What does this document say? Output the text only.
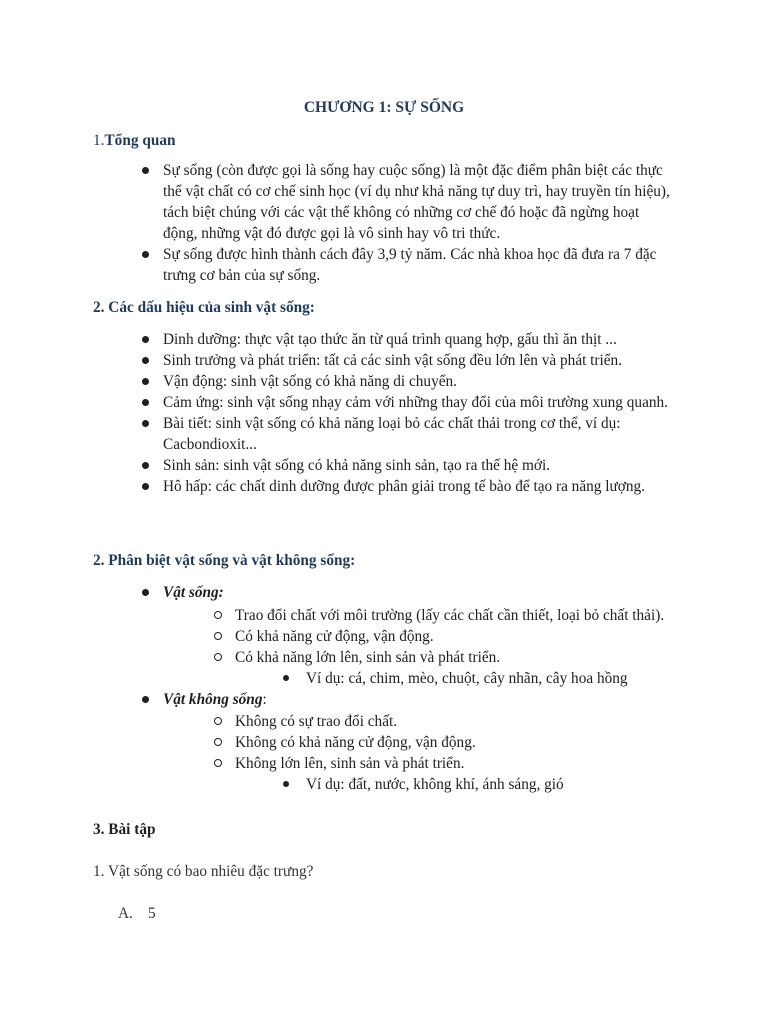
CHƯƠNG 1: SỰ SỐNG
1.Tổng quan
Sự sống (còn được gọi là sống hay cuộc sống) là một đặc điểm phân biệt các thực thể vật chất có cơ chế sinh học (ví dụ như khả năng tự duy trì, hay truyền tín hiệu), tách biệt chúng với các vật thể không có những cơ chế đó hoặc đã ngừng hoạt động, những vật đó được gọi là vô sinh hay vô tri thức.
Sự sống được hình thành cách đây 3,9 tỷ năm. Các nhà khoa học đã đưa ra 7 đặc trưng cơ bản của sự sống.
2. Các dấu hiệu của sinh vật sống:
Dinh dưỡng: thực vật tạo thức ăn từ quá trình quang hợp, gấu thì ăn thịt ...
Sinh trưởng và phát triển: tất cả các sinh vật sống đều lớn lên và phát triển.
Vận động: sinh vật sống có khả năng di chuyển.
Cảm ứng: sinh vật sống nhạy cảm với những thay đổi của môi trường xung quanh.
Bài tiết: sinh vật sống có khả năng loại bỏ các chất thải trong cơ thể, ví dụ: Cacbondioxit...
Sinh sản: sinh vật sống có khả năng sinh sản, tạo ra thế hệ mới.
Hô hấp: các chất dinh dưỡng được phân giải trong tế bào để tạo ra năng lượng.
2. Phân biệt vật sống và vật không sống:
Vật sống:
Trao đổi chất với môi trường (lấy các chất cần thiết, loại bỏ chất thải).
Có khả năng cử động, vận động.
Có khả năng lớn lên, sinh sản và phát triển.
Ví dụ: cá, chim, mèo, chuột, cây nhãn, cây hoa hồng
Vật không sống:
Không có sự trao đổi chất.
Không có khả năng cử động, vận động.
Không lớn lên, sinh sản và phát triển.
Ví dụ: đất, nước, không khí, ánh sáng, gió
3. Bài tập
1. Vật sống có bao nhiêu đặc trưng?
A. 5
